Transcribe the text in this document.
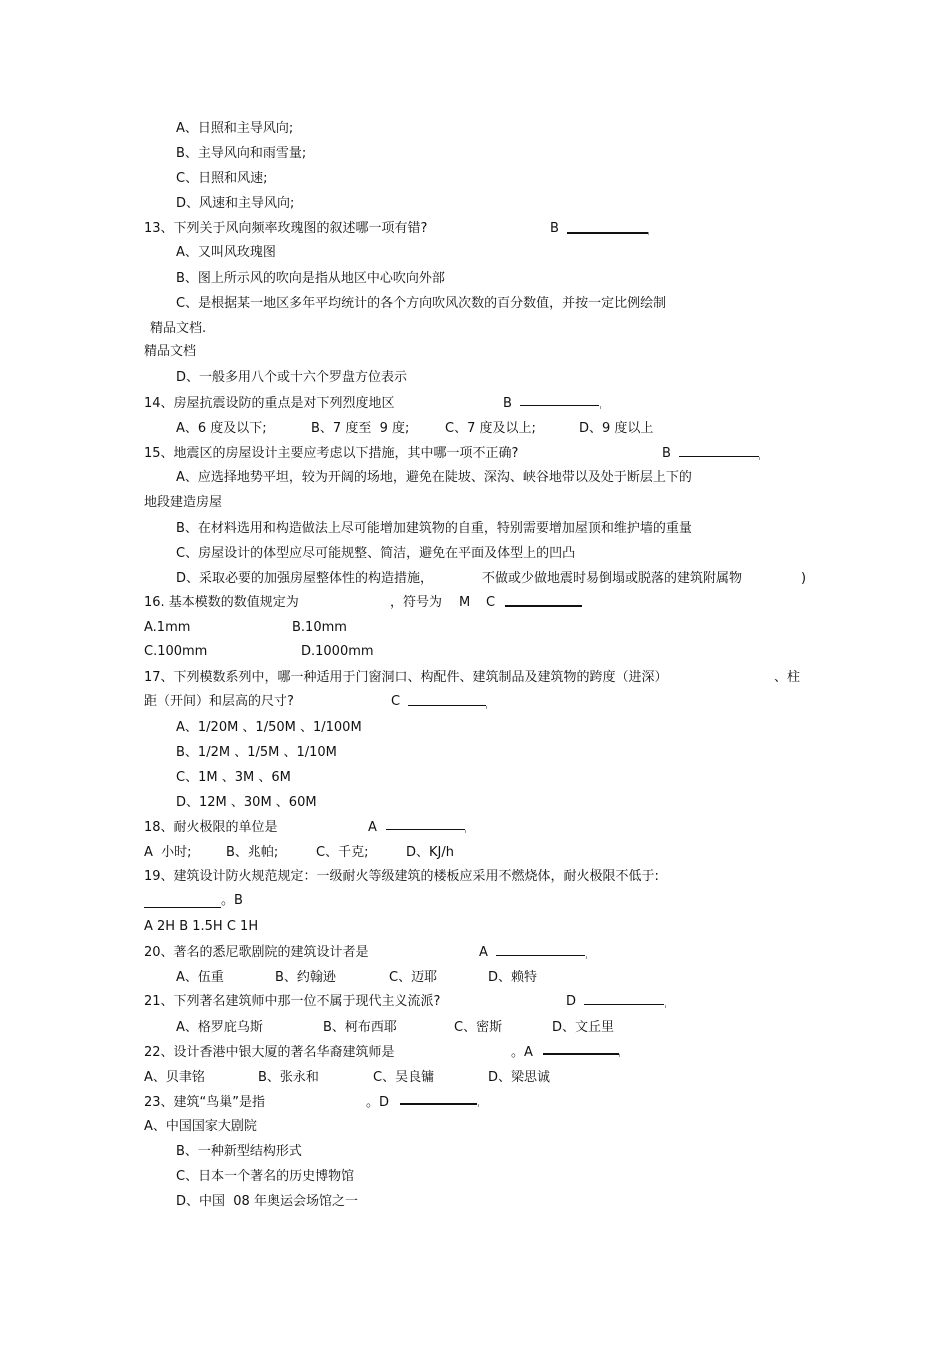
A、日照和主导风向;
B、主导风向和雨雪量;
C、日照和风速;
D、风速和主导风向;
13、下列关于风向频率玫瑰图的叙述哪一项有错?	B
A、又叫风玫瑰图
B、图上所示风的吹向是指从地区中心吹向外部
C、是根据某一地区多年平均统计的各个方向吹风次数的百分数值，并按一定比例绘制
精品文档.
精品文档
D、一般多用八个或十六个罗盘方位表示
14、房屋抗震设防的重点是对下列烈度地区	B
A、6 度及以下;	B、7 度至  9 度;	C、7 度及以上;	D、9 度以上
15、地震区的房屋设计主要应考虑以下措施，其中哪一项不正确?	B
A、应选择地势平坦，较为开阔的场地，避免在陡坡、深沟、峡谷地带以及处于断层上下的
地段建造房屋
B、在材料选用和构造做法上尽可能增加建筑物的自重，特别需要增加屋顶和维护墙的重量
C、房屋设计的体型应尽可能规整、简洁，避免在平面及体型上的凹凸
D、采取必要的加强房屋整体性的构造措施，	不做或少做地震时易倒塌或脱落的建筑附属物	)
16. 基本模数的数值规定为	，符号为 M C
A.1mm	B.10mm
C.100mm	D.1000mm
17、下列模数系列中，哪一种适用于门窗洞口、构配件、建筑制品及建筑物的跨度（进深）	、柱
距（开间）和层高的尺寸?	C
A、1/20M 、1/50M 、1/100M
B、1/2M 、1/5M 、1/10M
C、1M 、3M 、6M
D、12M 、30M 、60M
18、耐火极限的单位是	A
A  小时;	B、兆帕;	C、千克;	D、KJ/h
19、建筑设计防火规范规定：一级耐火等级建筑的楼板应采用不燃烧体，耐火极限不低于:
。B
A 2H B 1.5H C 1H
20、著名的悉尼歌剧院的建筑设计者是	A
A、伍重	B、约翰逊	C、迈耶	D、赖特
21、下列著名建筑师中那一位不属于现代主义流派?	D
A、格罗庇乌斯	B、柯布西耶	C、密斯	D、文丘里
22、设计香港中银大厦的著名华裔建筑师是	。A
A、贝聿铭	B、张永和	C、吴良镛	D、梁思诚
23、建筑“鸟巢”是指	。D
A、中国国家大剧院
B、一种新型结构形式
C、日本一个著名的历史博物馆
D、中国  08 年奥运会场馆之一
